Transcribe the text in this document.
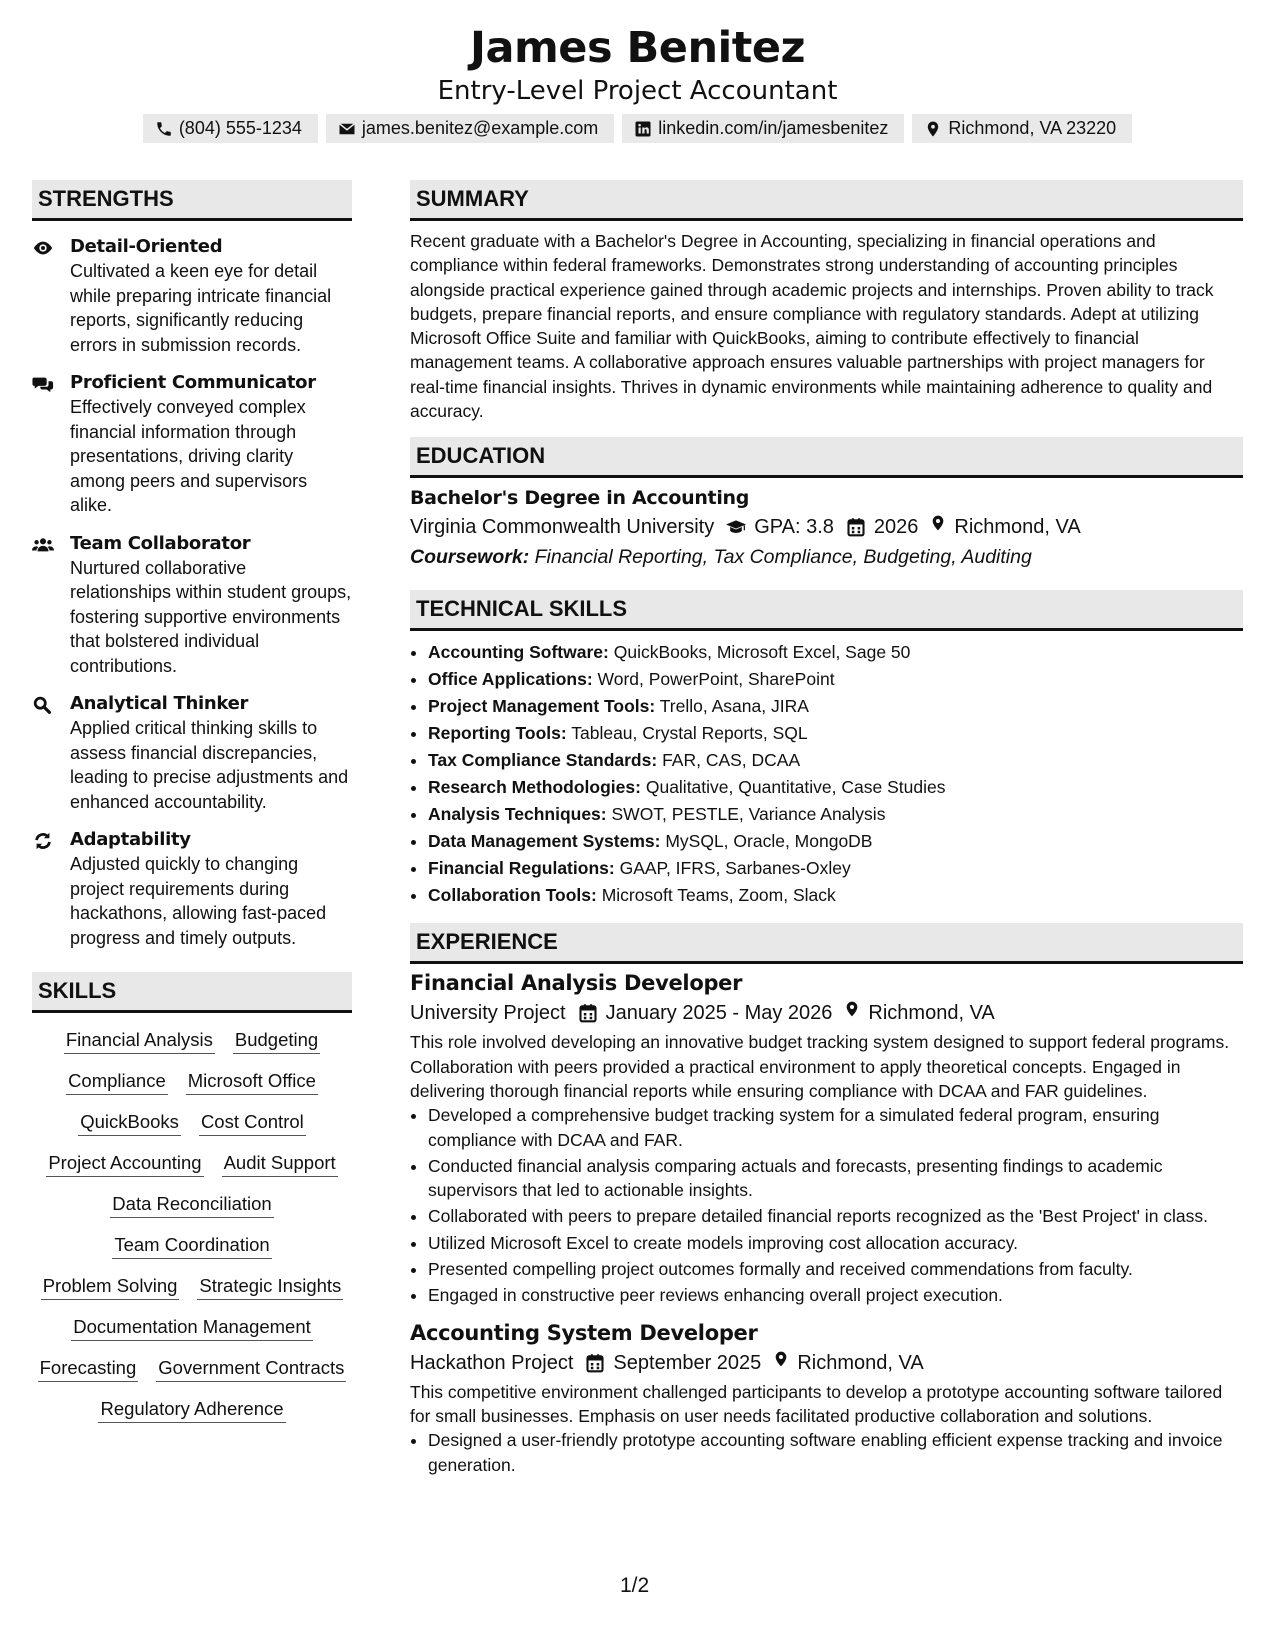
James Benitez
Entry-Level Project Accountant
(804) 555-1234	james.benitez@example.com	linkedin.com/in/jamesbenitez	Richmond, VA 23220
STRENGTHS
Detail-Oriented
Cultivated a keen eye for detail while preparing intricate financial reports, significantly reducing errors in submission records.
Proficient Communicator
Effectively conveyed complex financial information through presentations, driving clarity among peers and supervisors alike.
Team Collaborator
Nurtured collaborative relationships within student groups, fostering supportive environments that bolstered individual contributions.
Analytical Thinker
Applied critical thinking skills to assess financial discrepancies, leading to precise adjustments and enhanced accountability.
Adaptability
Adjusted quickly to changing project requirements during hackathons, allowing fast-paced progress and timely outputs.
SKILLS
Financial Analysis Budgeting
Compliance Microsoft Office
QuickBooks Cost Control
Project Accounting Audit Support
Data Reconciliation
Team Coordination
Problem Solving Strategic Insights
Documentation Management
Forecasting Government Contracts
Regulatory Adherence
SUMMARY
Recent graduate with a Bachelor's Degree in Accounting, specializing in financial operations and compliance within federal frameworks. Demonstrates strong understanding of accounting principles alongside practical experience gained through academic projects and internships. Proven ability to track budgets, prepare financial reports, and ensure compliance with regulatory standards. Adept at utilizing Microsoft Office Suite and familiar with QuickBooks, aiming to contribute effectively to financial management teams. A collaborative approach ensures valuable partnerships with project managers for real-time financial insights. Thrives in dynamic environments while maintaining adherence to quality and accuracy.
EDUCATION
Bachelor's Degree in Accounting
Virginia Commonwealth University GPA: 3.8 2026 Richmond, VA
Coursework: Financial Reporting, Tax Compliance, Budgeting, Auditing
TECHNICAL SKILLS
• Accounting Software: QuickBooks, Microsoft Excel, Sage 50
• Office Applications: Word, PowerPoint, SharePoint
• Project Management Tools: Trello, Asana, JIRA
• Reporting Tools: Tableau, Crystal Reports, SQL
• Tax Compliance Standards: FAR, CAS, DCAA
• Research Methodologies: Qualitative, Quantitative, Case Studies
• Analysis Techniques: SWOT, PESTLE, Variance Analysis
• Data Management Systems: MySQL, Oracle, MongoDB
• Financial Regulations: GAAP, IFRS, Sarbanes-Oxley
• Collaboration Tools: Microsoft Teams, Zoom, Slack
EXPERIENCE
Financial Analysis Developer
University Project January 2025 - May 2026 Richmond, VA
This role involved developing an innovative budget tracking system designed to support federal programs. Collaboration with peers provided a practical environment to apply theoretical concepts. Engaged in delivering thorough financial reports while ensuring compliance with DCAA and FAR guidelines.
• Developed a comprehensive budget tracking system for a simulated federal program, ensuring compliance with DCAA and FAR.
• Conducted financial analysis comparing actuals and forecasts, presenting findings to academic supervisors that led to actionable insights.
• Collaborated with peers to prepare detailed financial reports recognized as the 'Best Project' in class.
• Utilized Microsoft Excel to create models improving cost allocation accuracy.
• Presented compelling project outcomes formally and received commendations from faculty.
• Engaged in constructive peer reviews enhancing overall project execution.
Accounting System Developer
Hackathon Project September 2025 Richmond, VA
This competitive environment challenged participants to develop a prototype accounting software tailored for small businesses. Emphasis on user needs facilitated productive collaboration and solutions.
• Designed a user-friendly prototype accounting software enabling efficient expense tracking and invoice generation.
1/2
